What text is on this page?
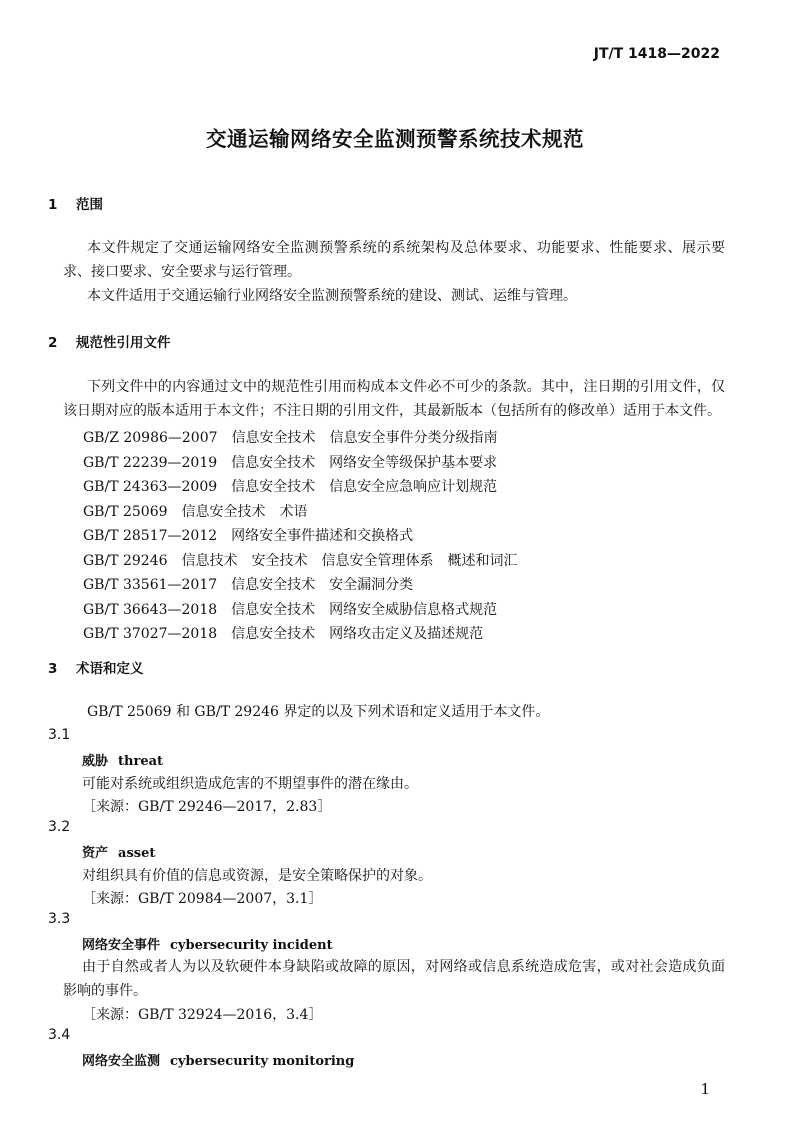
JT/T 1418—2022
交通运输网络安全监测预警系统技术规范
1 范围
本文件规定了交通运输网络安全监测预警系统的系统架构及总体要求、功能要求、性能要求、展示要求、接口要求、安全要求与运行管理。
本文件适用于交通运输行业网络安全监测预警系统的建设、测试、运维与管理。
2 规范性引用文件
下列文件中的内容通过文中的规范性引用而构成本文件必不可少的条款。其中，注日期的引用文件，仅该日期对应的版本适用于本文件；不注日期的引用文件，其最新版本（包括所有的修改单）适用于本文件。
GB/Z 20986—2007　信息安全技术　信息安全事件分类分级指南
GB/T 22239—2019　信息安全技术　网络安全等级保护基本要求
GB/T 24363—2009　信息安全技术　信息安全应急响应计划规范
GB/T 25069　信息安全技术　术语
GB/T 28517—2012　网络安全事件描述和交换格式
GB/T 29246　信息技术　安全技术　信息安全管理体系　概述和词汇
GB/T 33561—2017　信息安全技术　安全漏洞分类
GB/T 36643—2018　信息安全技术　网络安全威胁信息格式规范
GB/T 37027—2018　信息安全技术　网络攻击定义及描述规范
3 术语和定义
GB/T 25069 和 GB/T 29246 界定的以及下列术语和定义适用于本文件。
3.1
威胁 threat
可能对系统或组织造成危害的不期望事件的潜在缘由。
［来源：GB/T 29246—2017，2.83］
3.2
资产 asset
对组织具有价值的信息或资源，是安全策略保护的对象。
［来源：GB/T 20984—2007，3.1］
3.3
网络安全事件 cybersecurity incident
由于自然或者人为以及软硬件本身缺陷或故障的原因，对网络或信息系统造成危害，或对社会造成负面影响的事件。
［来源：GB/T 32924—2016，3.4］
3.4
网络安全监测 cybersecurity monitoring
1
